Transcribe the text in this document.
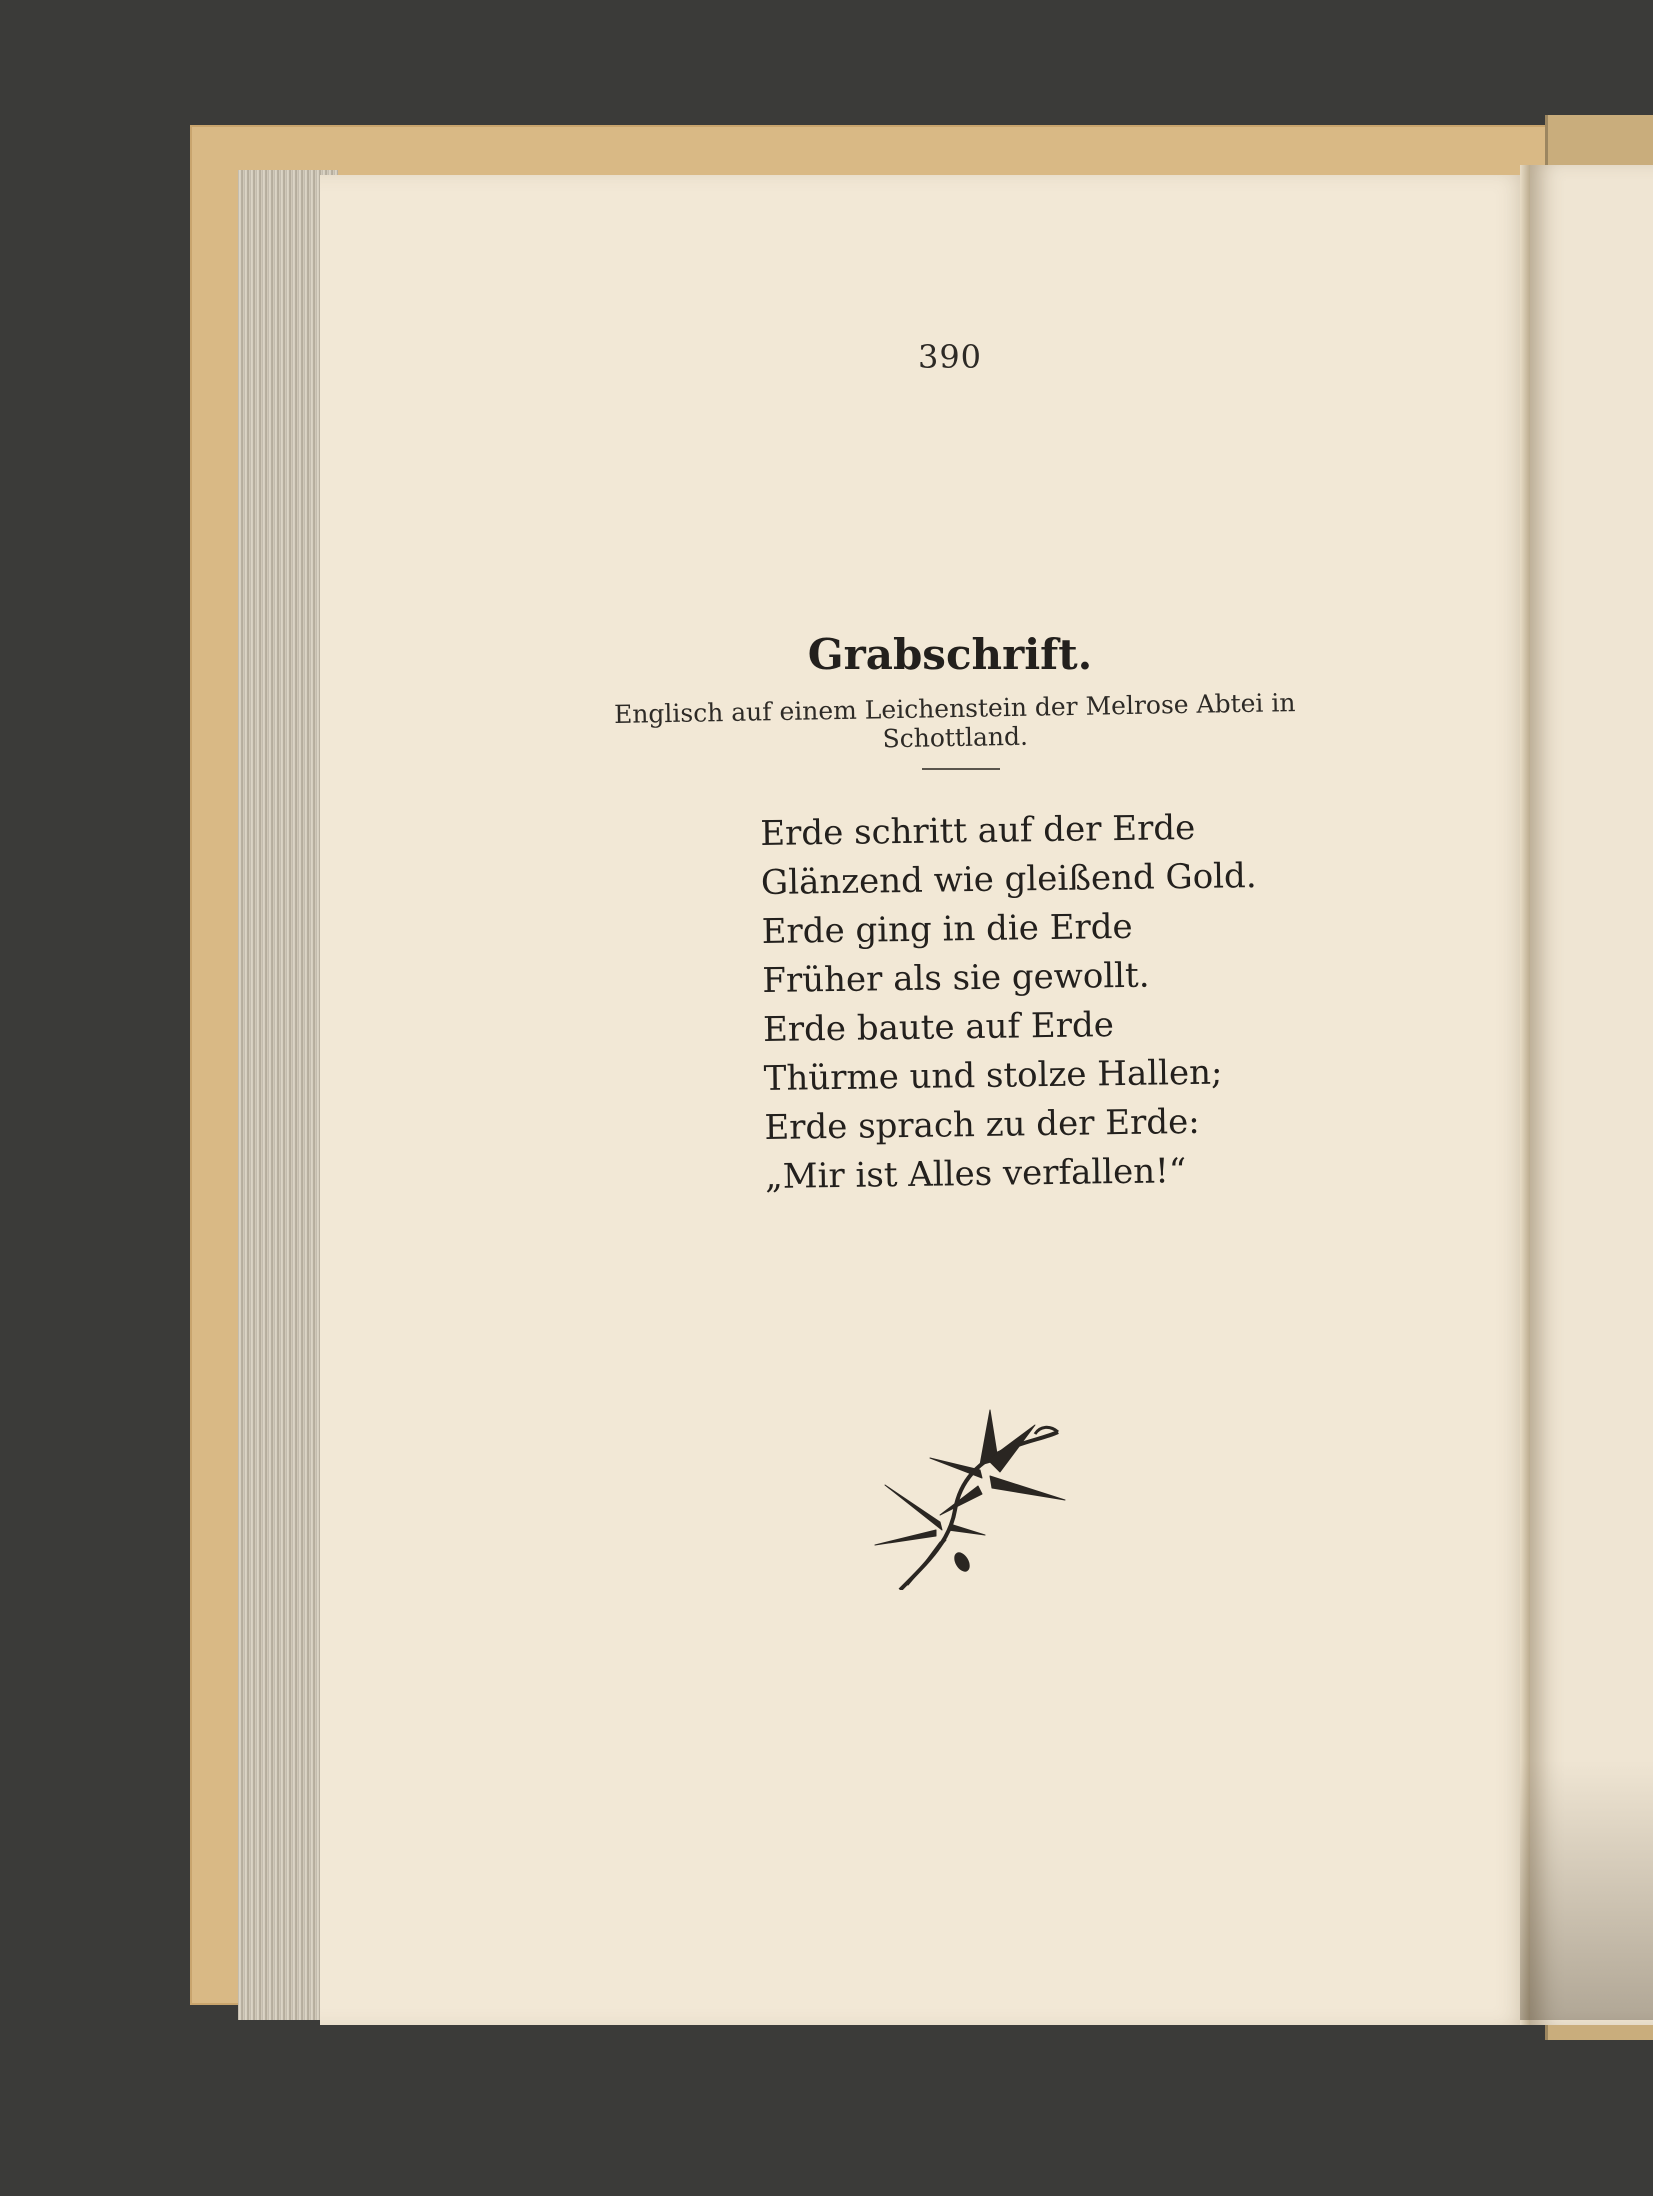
390
Grabschrift.
Englisch auf einem Leichenstein der Melrose Abtei in Schottland.
Erde schritt auf der Erde
Glänzend wie gleißend Gold.
Erde ging in die Erde
Früher als sie gewollt.
Erde baute auf Erde
Thürme und stolze Hallen;
Erde sprach zu der Erde:
„Mir ist Alles verfallen!“
